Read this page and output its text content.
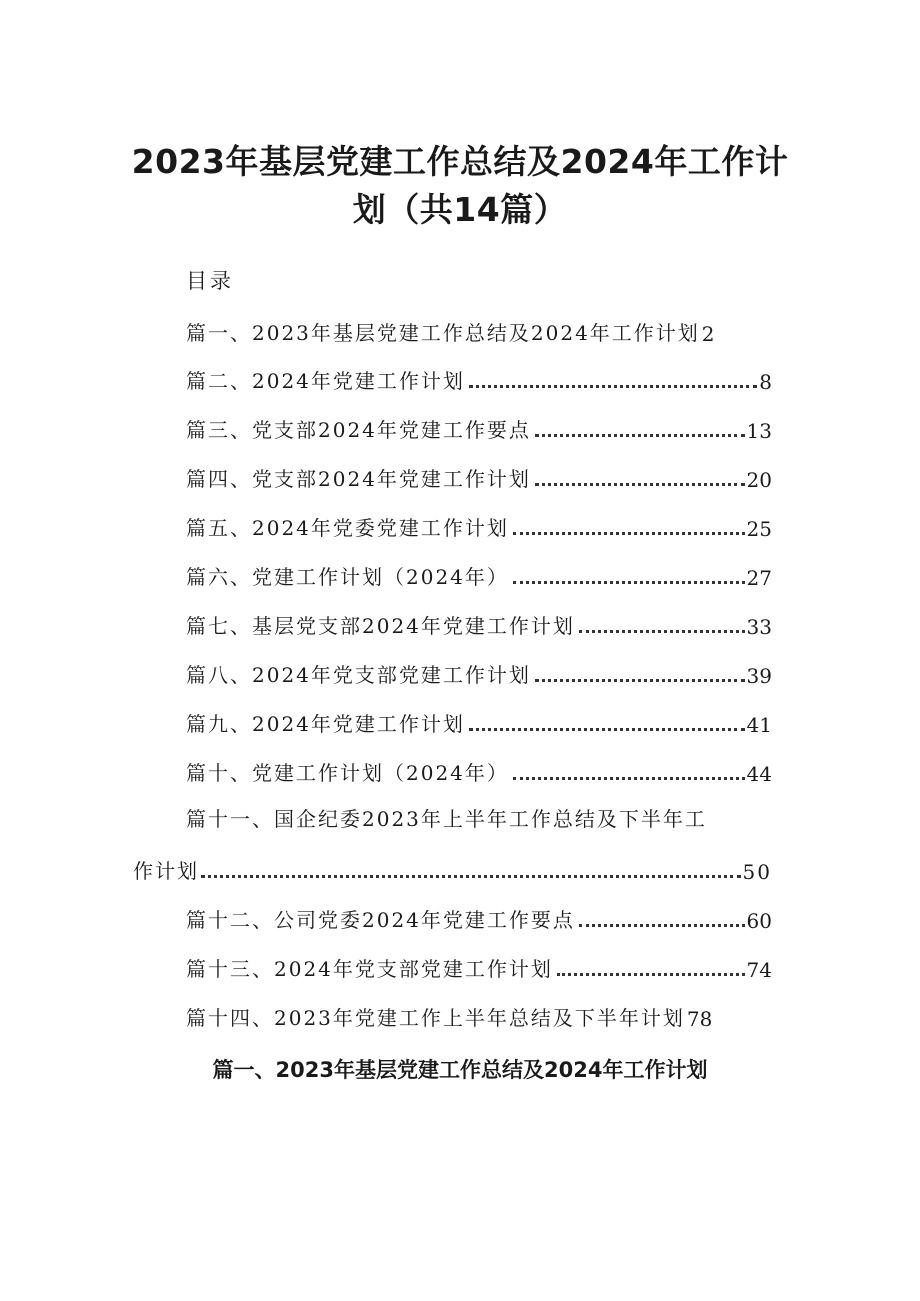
2023年基层党建工作总结及2024年工作计
划（共14篇）
目录
篇一、2023年基层党建工作总结及2024年工作计划 2
篇二、2024年党建工作计划	8
篇三、党支部2024年党建工作要点	13
篇四、党支部2024年党建工作计划	20
篇五、2024年党委党建工作计划	25
篇六、党建工作计划（2024年）	27
篇七、基层党支部2024年党建工作计划	33
篇八、2024年党支部党建工作计划	39
篇九、2024年党建工作计划	41
篇十、党建工作计划（2024年）	44
篇十一、国企纪委2023年上半年工作总结及下半年工
作计划	50
篇十二、公司党委2024年党建工作要点	60
篇十三、2024年党支部党建工作计划	74
篇十四、2023年党建工作上半年总结及下半年计划 78
篇一、2023年基层党建工作总结及2024年工作计划
